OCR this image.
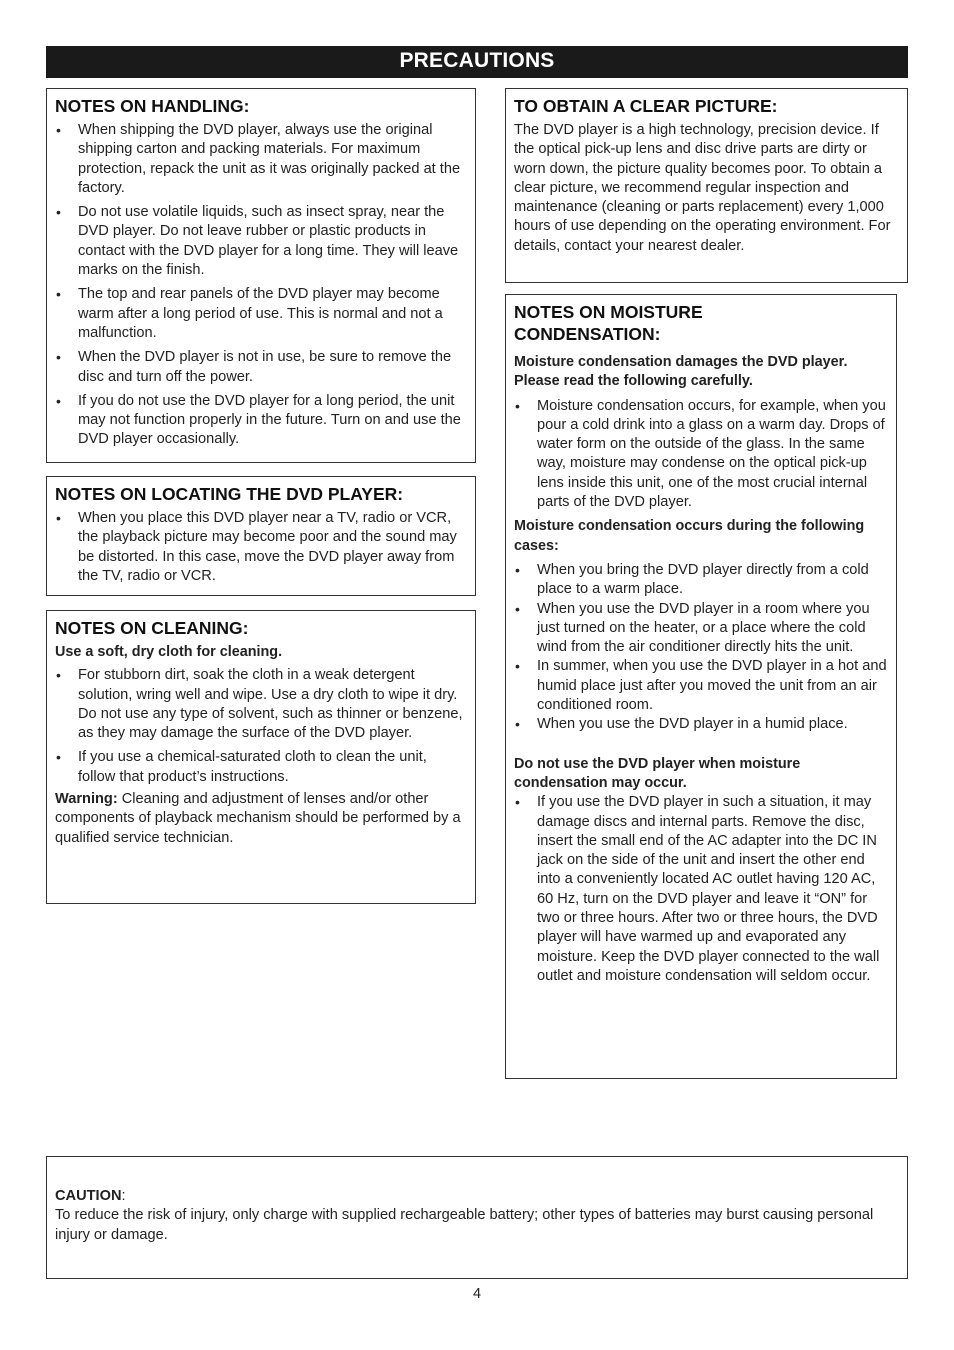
PRECAUTIONS
NOTES ON HANDLING:
• When shipping the DVD player, always use the original shipping carton and packing materials. For maximum protection, repack the unit as it was originally packed at the factory.
• Do not use volatile liquids, such as insect spray, near the DVD player. Do not leave rubber or plastic products in contact with the DVD player for a long time. They will leave marks on the finish.
• The top and rear panels of the DVD player may become warm after a long period of use. This is normal and not a malfunction.
• When the DVD player is not in use, be sure to remove the disc and turn off the power.
• If you do not use the DVD player for a long period, the unit may not function properly in the future. Turn on and use the DVD player occasionally.
NOTES ON LOCATING THE DVD PLAYER:
• When you place this DVD player near a TV, radio or VCR, the playback picture may become poor and the sound may be distorted. In this case, move the DVD player away from the TV, radio or VCR.
NOTES ON CLEANING:

Use a soft, dry cloth for cleaning.

• For stubborn dirt, soak the cloth in a weak detergent solution, wring well and wipe. Use a dry cloth to wipe it dry. Do not use any type of solvent, such as thinner or benzene, as they may damage the surface of the DVD player.
• If you use a chemical-saturated cloth to clean the unit, follow that product’s instructions.

Warning: Cleaning and adjustment of lenses and/or other components of playback mechanism should be performed by a qualified service technician.

TO OBTAIN A CLEAR PICTURE:

The DVD player is a high technology, precision device. If the optical pick-up lens and disc drive parts are dirty or worn down, the picture quality becomes poor. To obtain a clear picture, we recommend regular inspection and maintenance (cleaning or parts replacement) every 1,000 hours of use depending on the operating environment. For details, contact your nearest dealer.

NOTES ON MOISTURE CONDENSATION:

Moisture condensation damages the DVD player. Please read the following carefully.

• Moisture condensation occurs, for example, when you pour a cold drink into a glass on a warm day. Drops of water form on the outside of the glass. In the same way, moisture may condense on the optical pick-up lens inside this unit, one of the most crucial internal parts of the DVD player.

Moisture condensation occurs during the following cases:

• When you bring the DVD player directly from a cold place to a warm place.
• When you use the DVD player in a room where you just turned on the heater, or a place where the cold wind from the air conditioner directly hits the unit.
• In summer, when you use the DVD player in a hot and humid place just after you moved the unit from an air conditioned room.
• When you use the DVD player in a humid place.

Do not use the DVD player when moisture condensation may occur.

• If you use the DVD player in such a situation, it may damage discs and internal parts. Remove the disc, insert the small end of the AC adapter into the DC IN jack on the side of the unit and insert the other end into a conveniently located AC outlet having 120 AC, 60 Hz, turn on the DVD player and leave it “ON” for two or three hours. After two or three hours, the DVD player will have warmed up and evaporated any moisture. Keep the DVD player connected to the wall outlet and moisture condensation will seldom occur.

CAUTION:

To reduce the risk of injury, only charge with supplied rechargeable battery; other types of batteries may burst causing personal injury or damage.

4
